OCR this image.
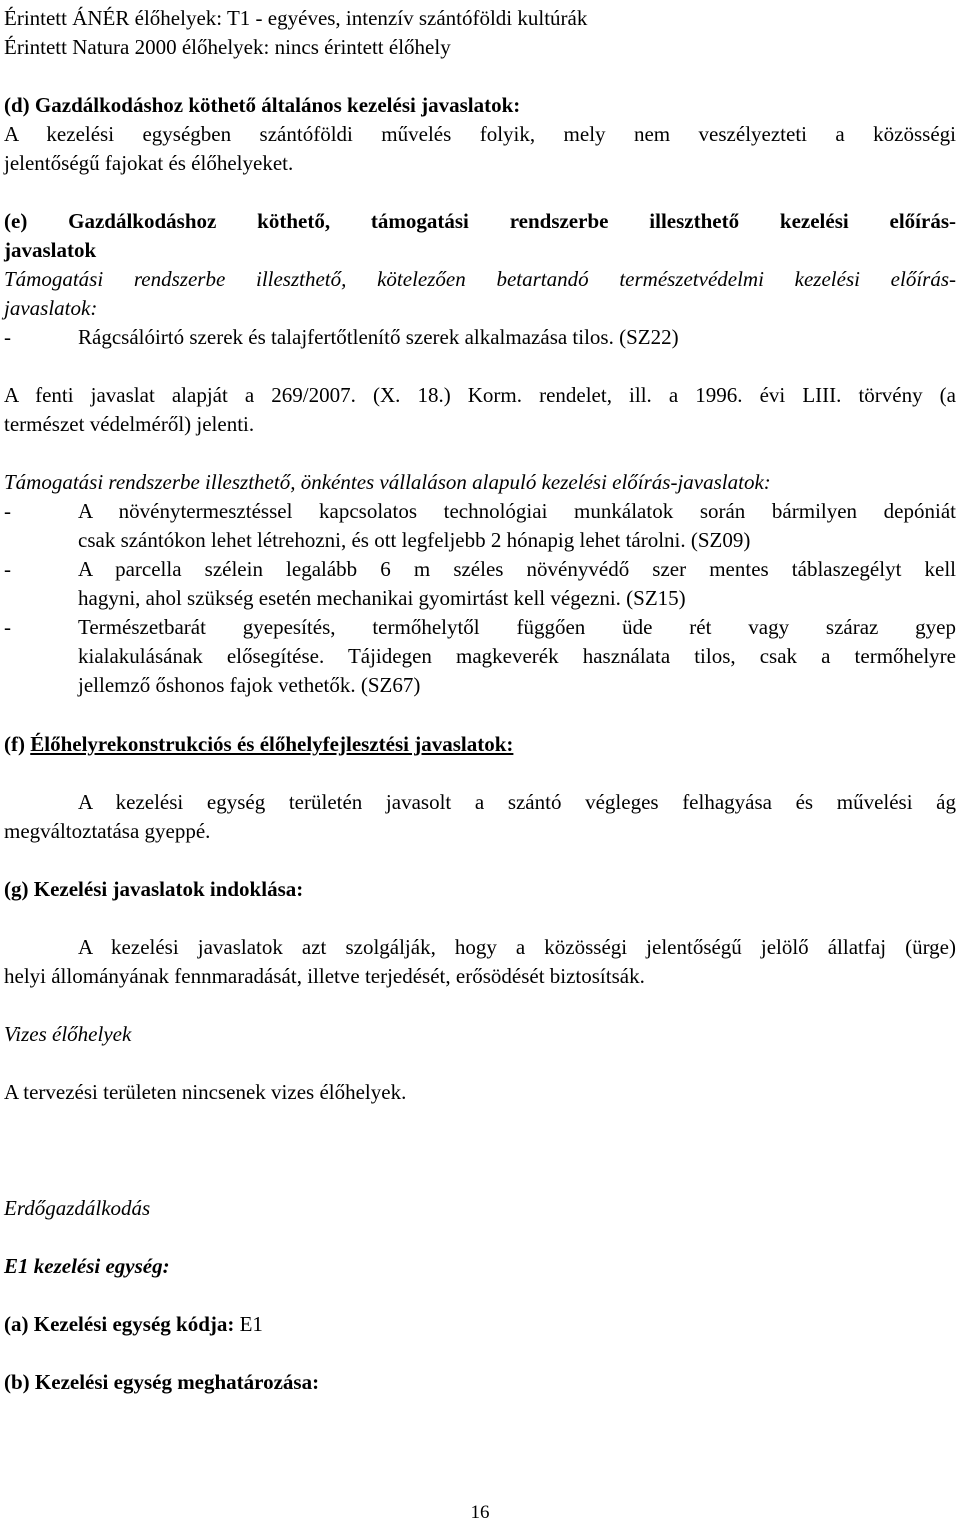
Érintett ÁNÉR élőhelyek: T1 - egyéves, intenzív szántóföldi kultúrák
Érintett Natura 2000 élőhelyek: nincs érintett élőhely
(d) Gazdálkodáshoz köthető általános kezelési javaslatok:
A kezelési egységben szántóföldi művelés folyik, mely nem veszélyezteti a közösségi
jelentőségű fajokat és élőhelyeket.
(e) Gazdálkodáshoz köthető, támogatási rendszerbe illeszthető kezelési előírás-
javaslatok
Támogatási rendszerbe illeszthető, kötelezően betartandó természetvédelmi kezelési előírás-
javaslatok:
-	Rágcsálóirtó szerek és talajfertőtlenítő szerek alkalmazása tilos. (SZ22)
A fenti javaslat alapját a 269/2007. (X. 18.) Korm. rendelet, ill. a 1996. évi LIII. törvény (a
természet védelméről) jelenti.
Támogatási rendszerbe illeszthető, önkéntes vállaláson alapuló kezelési előírás-javaslatok:
-	A növénytermesztéssel kapcsolatos technológiai munkálatok során bármilyen depóniát
csak szántókon lehet létrehozni, és ott legfeljebb 2 hónapig lehet tárolni. (SZ09)
-	A parcella szélein legalább 6 m széles növényvédő szer mentes táblaszegélyt kell
hagyni, ahol szükség esetén mechanikai gyomirtást kell végezni. (SZ15)
-	Természetbarát gyepesítés, termőhelytől függően üde rét vagy száraz gyep
kialakulásának elősegítése. Tájidegen magkeverék használata tilos, csak a termőhelyre
jellemző őshonos fajok vethetők. (SZ67)
(f) Élőhelyrekonstrukciós és élőhelyfejlesztési javaslatok:
A kezelési egység területén javasolt a szántó végleges felhagyása és művelési ág
megváltoztatása gyeppé.
(g) Kezelési javaslatok indoklása:
A kezelési javaslatok azt szolgálják, hogy a közösségi jelentőségű jelölő állatfaj (ürge)
helyi állományának fennmaradását, illetve terjedését, erősödését biztosítsák.
Vizes élőhelyek
A tervezési területen nincsenek vizes élőhelyek.
Erdőgazdálkodás
E1 kezelési egység:
(a) Kezelési egység kódja: E1
(b) Kezelési egység meghatározása:
16
